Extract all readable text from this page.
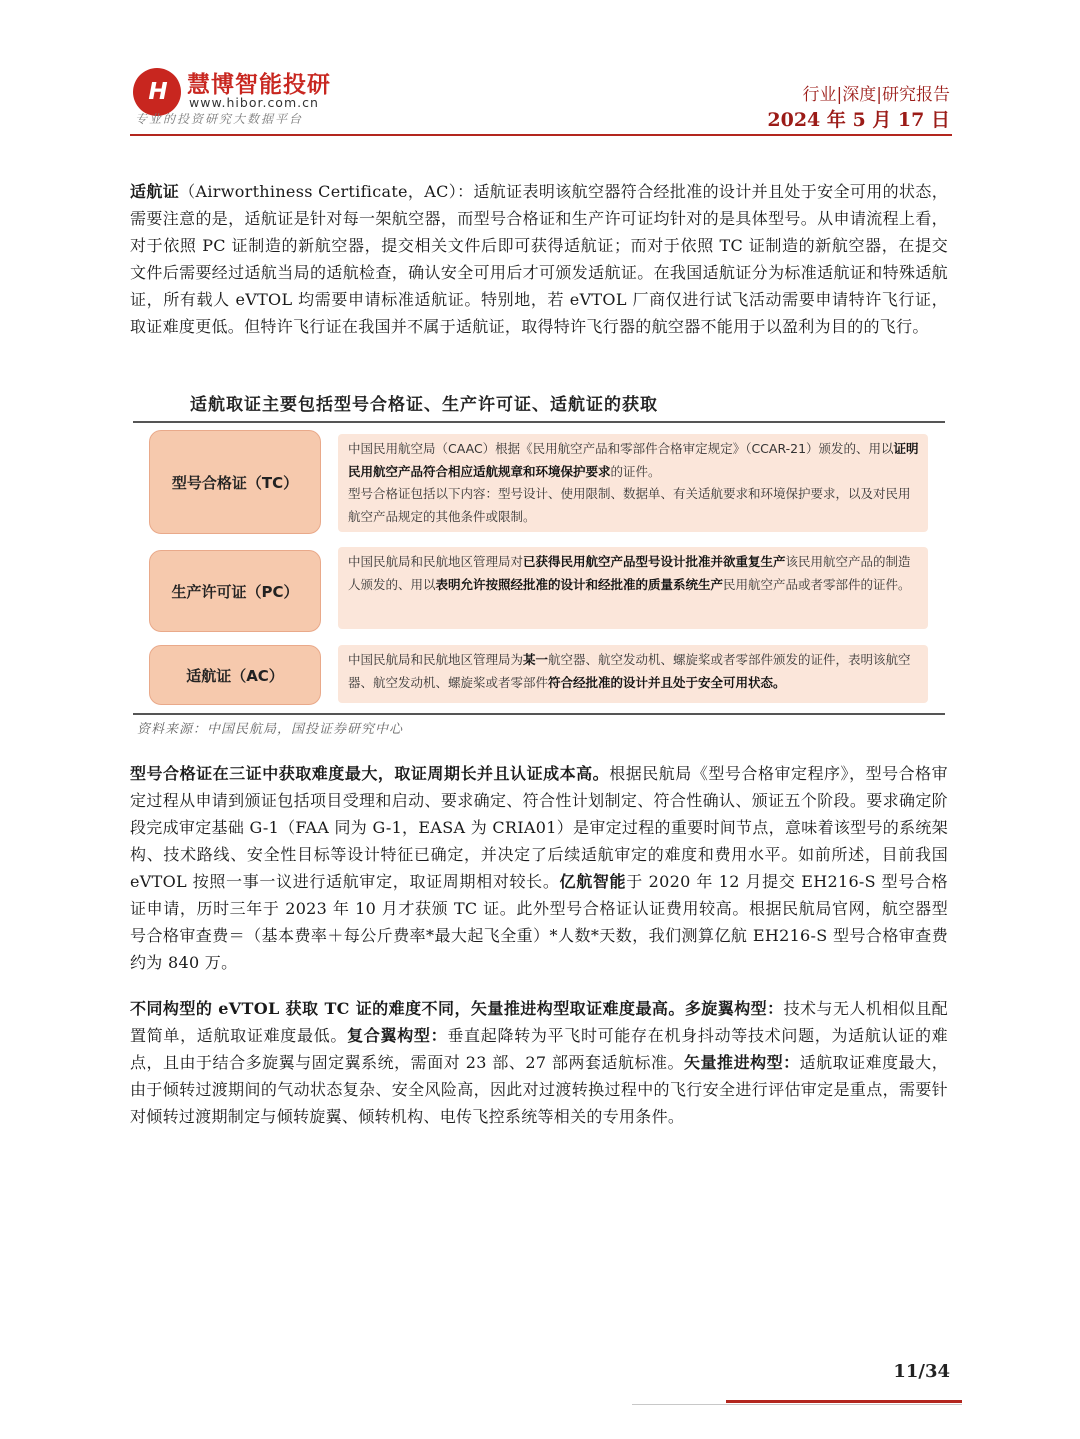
H 慧博智能投研
www.hibor.com.cn
专业的投资研究大数据平台
行业|深度|研究报告
2024 年 5 月 17 日

适航证（Airworthiness Certificate，AC）：适航证表明该航空器符合经批准的设计并且处于安全可用的状态，需要注意的是，适航证是针对每一架航空器，而型号合格证和生产许可证均针对的是具体型号。从申请流程上看，对于依照 PC 证制造的新航空器，提交相关文件后即可获得适航证；而对于依照 TC 证制造的新航空器，在提交文件后需要经过适航当局的适航检查，确认安全可用后才可颁发适航证。在我国适航证分为标准适航证和特殊适航证，所有载人 eVTOL 均需要申请标准适航证。特别地，若 eVTOL 厂商仅进行试飞活动需要申请特许飞行证，取证难度更低。但特许飞行证在我国并不属于适航证，取得特许飞行器的航空器不能用于以盈利为目的的飞行。

适航取证主要包括型号合格证、生产许可证、适航证的获取
型号合格证（TC）
中国民用航空局（CAAC）根据《民用航空产品和零部件合格审定规定》（CCAR-21）颁发的、用以证明民用航空产品符合相应适航规章和环境保护要求的证件。
型号合格证包括以下内容：型号设计、使用限制、数据单、有关适航要求和环境保护要求，以及对民用航空产品规定的其他条件或限制。
生产许可证（PC）
中国民航局和民航地区管理局对已获得民用航空产品型号设计批准并欲重复生产该民用航空产品的制造人颁发的、用以表明允许按照经批准的设计和经批准的质量系统生产民用航空产品或者零部件的证件。
适航证（AC）
中国民航局和民航地区管理局为某一航空器、航空发动机、螺旋桨或者零部件颁发的证件，表明该航空器、航空发动机、螺旋桨或者零部件符合经批准的设计并且处于安全可用状态。
资料来源：中国民航局，国投证券研究中心

型号合格证在三证中获取难度最大，取证周期长并且认证成本高。根据民航局《型号合格审定程序》，型号合格审定过程从申请到颁证包括项目受理和启动、要求确定、符合性计划制定、符合性确认、颁证五个阶段。要求确定阶段完成审定基础 G-1（FAA 同为 G-1，EASA 为 CRIA01）是审定过程的重要时间节点，意味着该型号的系统架构、技术路线、安全性目标等设计特征已确定，并决定了后续适航审定的难度和费用水平。如前所述，目前我国 eVTOL 按照一事一议进行适航审定，取证周期相对较长。亿航智能于 2020 年 12 月提交 EH216-S 型号合格证申请，历时三年于 2023 年 10 月才获颁 TC 证。此外型号合格证认证费用较高。根据民航局官网，航空器型号合格审查费＝（基本费率＋每公斤费率*最大起飞全重）*人数*天数，我们测算亿航 EH216-S 型号合格审查费约为 840 万。

不同构型的 eVTOL 获取 TC 证的难度不同，矢量推进构型取证难度最高。多旋翼构型：技术与无人机相似且配置简单，适航取证难度最低。复合翼构型：垂直起降转为平飞时可能存在机身抖动等技术问题，为适航认证的难点，且由于结合多旋翼与固定翼系统，需面对 23 部、27 部两套适航标准。矢量推进构型：适航取证难度最大，由于倾转过渡期间的气动状态复杂、安全风险高，因此对过渡转换过程中的飞行安全进行评估审定是重点，需要针对倾转过渡期制定与倾转旋翼、倾转机构、电传飞控系统等相关的专用条件。

11/34
